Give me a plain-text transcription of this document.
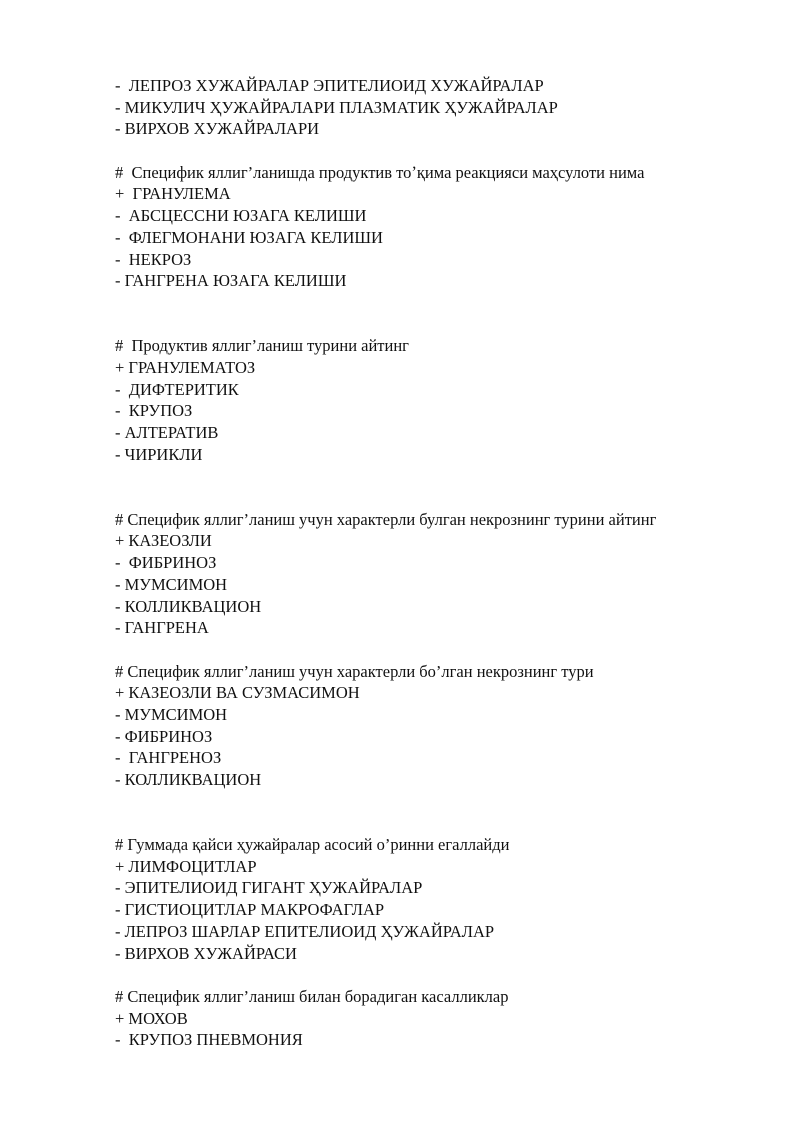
-  ЛЕПРОЗ ХУЖАЙРАЛАР ЭПИТЕЛИОИД ХУЖАЙРАЛАР
- МИКУЛИЧ ҲУЖАЙРАЛАРИ ПЛАЗМАТИК ҲУЖАЙРАЛАР
- ВИРХОВ ХУЖАЙРАЛАРИ
#  Специфик яллиг’ланишда продуктив тоʼқима реакцияси маҳсулоти нима
+  ГРАНУЛЕМА
-  АБСЦЕССНИ ЮЗАГА КЕЛИШИ
-  ФЛЕГМОНАНИ ЮЗАГА КЕЛИШИ
-  НЕКРОЗ
- ГАНГРЕНА ЮЗАГА КЕЛИШИ
#  Продуктив яллиг’ланиш турини айтинг
+ ГРАНУЛЕМАТОЗ
-  ДИФТЕРИТИК
-  КРУПОЗ
- АЛТЕРАТИВ
- ЧИРИКЛИ
# Специфик яллиг’ланиш учун характерли булган некрознинг турини айтинг
+ КАЗЕОЗЛИ
-  ФИБРИНОЗ
- МУМСИМОН
- КОЛЛИКВАЦИОН
- ГАНГРЕНА
# Специфик яллиг’ланиш учун характерли бо’лган некрознинг тури
+ КАЗЕОЗЛИ ВА СУЗМАСИМОН
- МУМСИМОН
- ФИБРИНОЗ
-  ГАНГРЕНОЗ
- КОЛЛИКВАЦИОН
# Гуммада қайси ҳужайралар асосий о’ринни егаллайди
+ ЛИМФОЦИТЛАР
- ЭПИТЕЛИОИД ГИГАНТ ҲУЖАЙРАЛАР
- ГИСТИОЦИТЛАР МАКРОФАГЛАР
- ЛЕПРОЗ ШАРЛАР ЕПИТЕЛИОИД ҲУЖАЙРАЛАР
- ВИРХОВ ХУЖАЙРАСИ
# Специфик яллиг’ланиш билан борадиган касалликлар
+ МОХОВ
-  КРУПОЗ ПНЕВМОНИЯ
